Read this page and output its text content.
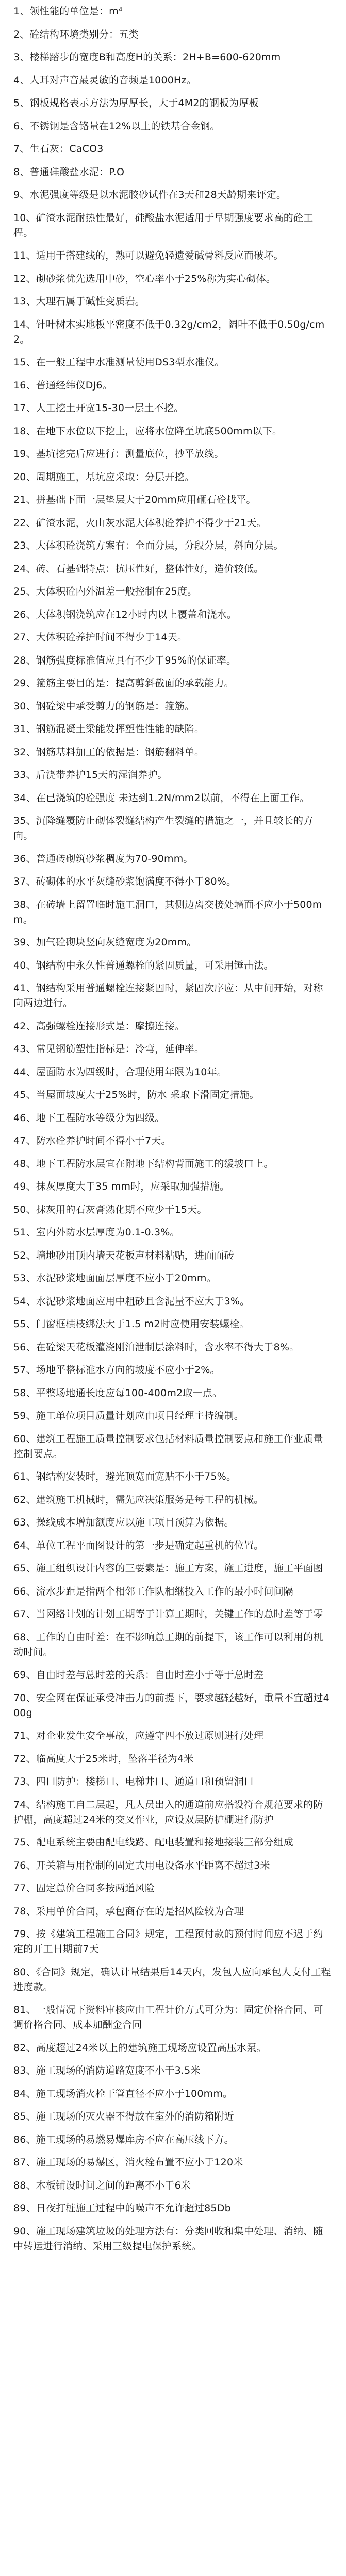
1、领性能的单位是：m⁴
2、砼结构环境类别分：五类
3、楼梯踏步的宽度B和高度H的关系：2H+B=600-620mm
4、人耳对声音最灵敏的音频是1000Hz。
5、钢板规格表示方法为厚厚长，大于4M2的钢板为厚板
6、不锈钢是含铬量在12%以上的铁基合金钢。
7、生石灰：CaCO3
8、普通硅酸盐水泥：P.O
9、水泥强度等级是以水泥胶砂试件在3天和28天龄期来评定。
10、矿渣水泥耐热性最好，硅酸盐水泥适用于早期强度要求高的砼工程。
11、适用于搭建线的，熟可以避免轻遗爱碱骨料反应而破坏。
12、砌砂浆优先选用中砂，空心率小于25%称为实心砌体。
13、大理石属于碱性变质岩。
14、针叶树木实地板平密度不低于0.32g/cm2，阔叶不低于0.50g/cm2。
15、在一般工程中水准测量使用DS3型水准仪。
16、普通经纬仪DJ6。
17、人工挖土开宽15-30一层土不挖。
18、在地下水位以下挖土，应将水位降至坑底500mm以下。
19、基坑挖完后应进行：测量底位，抄平放线。
20、周期施工，基坑应采取：分层开挖。
21、拼基础下面一层垫层大于20mm应用砸石砼找平。
22、矿渣水泥，火山灰水泥大体积砼养护不得少于21天。
23、大体积砼浇筑方案有：全面分层，分段分层，斜向分层。
24、砖、石基础特点：抗压性好，整体性好，造价较低。
25、大体积砼内外温差一般控制在25度。
26、大体积钢浇筑应在12小时内以上覆盖和浇水。
27、大体积砼养护时间不得少于14天。
28、钢筋强度标准值应具有不少于95%的保证率。
29、箍筋主要目的是：提高剪斜截面的承载能力。
30、钢砼梁中承受剪力的钢筋是：箍筋。
31、钢筋混凝土梁能发挥塑性性能的缺陷。
32、钢筋基料加工的依据是：钢筋翻料单。
33、后浇带养护15天的湿润养护。
34、在已浇筑的砼强度 未达到1.2N/mm2以前，不得在上面工作。
35、沉降缝覆防止砌体裂缝结构产生裂缝的措施之一，并且较长的方向。
36、普通砖砌筑砂浆稠度为70-90mm。
37、砖砌体的水平灰缝砂浆饱满度不得小于80%。
38、在砖墙上留置临时施工洞口，其侧边离交接处墙面不应小于500mm。
39、加气砼砌块竖向灰缝宽度为20mm。
40、钢结构中永久性普通螺栓的紧固质量，可采用锤击法。
41、钢结构采用普通螺栓连接紧固时，紧固次序应：从中间开始，对称向两边进行。
42、高强螺栓连接形式是：摩擦连接。
43、常见钢筋塑性指标是：冷弯，延伸率。
44、屋面防水为四级时，合理使用年限为10年。
45、当屋面坡度大于25%时，防水 采取下滑固定措施。
46、地下工程防水等级分为四级。
47、防水砼养护时间不得小于7天。
48、地下工程防水层宜在附地下结构背面施工的缓坡口上。
49、抹灰厚度大于35 mm时，应采取加强措施。
50、抹灰用的石灰膏熟化期不应少于15天。
51、室内外防水层厚度为0.1-0.3%。
52、墙地砂用顶内墙天花板声材料粘贴，进面面砖
53、水泥砂浆地面面层厚度不应小于20mm。
54、水泥砂浆地面应用中粗砂且含泥量不应大于3%。
55、门窗框横枝绑法大于1.5 m2时应使用安装螺栓。
56、在砼梁天花板灌浇刚泊泄制层涂料时，含水率不得大于8%。
57、场地平整标准水方向的坡度不应小于2%。
58、平整场地通长度应每100-400m2取一点。
59、施工单位项目质量计划应由项目经理主持编制。
60、建筑工程施工质量控制要求包括材料质量控制要点和施工作业质量控制要点。
61、钢结构安装时，避光顶宽面宽贴不小于75%。
62、建筑施工机械时，需先应决策服务是每工程的机械。
63、操线成本增加额度应以施工项目预算为依据。
64、单位工程平面图设计的第一步是确定起重机的位置。
65、施工组织设计内容的三要素是：施工方案，施工进度，施工平面图
66、流水步距是指两个相邻工作队相继投入工作的最小时间间隔
67、当网络计划的计划工期等于计算工期时，关键工作的总时差等于零
68、工作的自由时差：在不影响总工期的前提下，该工作可以利用的机动时间。
69、自由时差与总时差的关系：自由时差小于等于总时差
70、安全网在保证承受冲击力的前提下，要求越轻越好，重量不宜超过400g
71、对企业发生安全事故，应遵守四不放过原则进行处理
72、临高度大于25米时，坠落半径为4米
73、四口防护：楼梯口、电梯井口、通道口和预留洞口
74、结构施工自二层起，凡人员出入的通道前应搭设符合规范要求的防护棚，高度超过24米的交叉作业，应设双层防护棚进行防护
75、配电系统主要由配电线路、配电装置和接地接装三部分组成
76、开关箱与用控制的固定式用电设备水平距离不超过3米
77、固定总价合同多按两道风险
78、采用单价合同，承包商存在的是招风险较为合理
79、按《建筑工程施工合同》规定，工程预付款的预付时间应不迟于约定的开工日期前7天
80、《合同》规定，确认计量结果后14天内，发包人应向承包人支付工程进度款。
81、一般情况下资料审核应由工程计价方式可分为：固定价格合同、可调价格合同、成本加酬金合同
82、高度超过24米以上的建筑施工现场应设置高压水泵。
83、施工现场的消防道路宽度不小于3.5米
84、施工现场消火栓干管直径不应小于100mm。
85、施工现场的灭火器不得放在室外的消防箱附近
86、施工现场的易燃易爆库房不应在高压线下方。
87、施工现场的易爆区，消火栓布置不应小于120米
88、木板铺设时间之间的距离不小于6米
89、日夜打桩施工过程中的噪声不允许超过85Db
90、施工现场建筑垃圾的处理方法有：分类回收和集中处理、消纳、随中转运进行消纳、采用三级提电保护系统。
